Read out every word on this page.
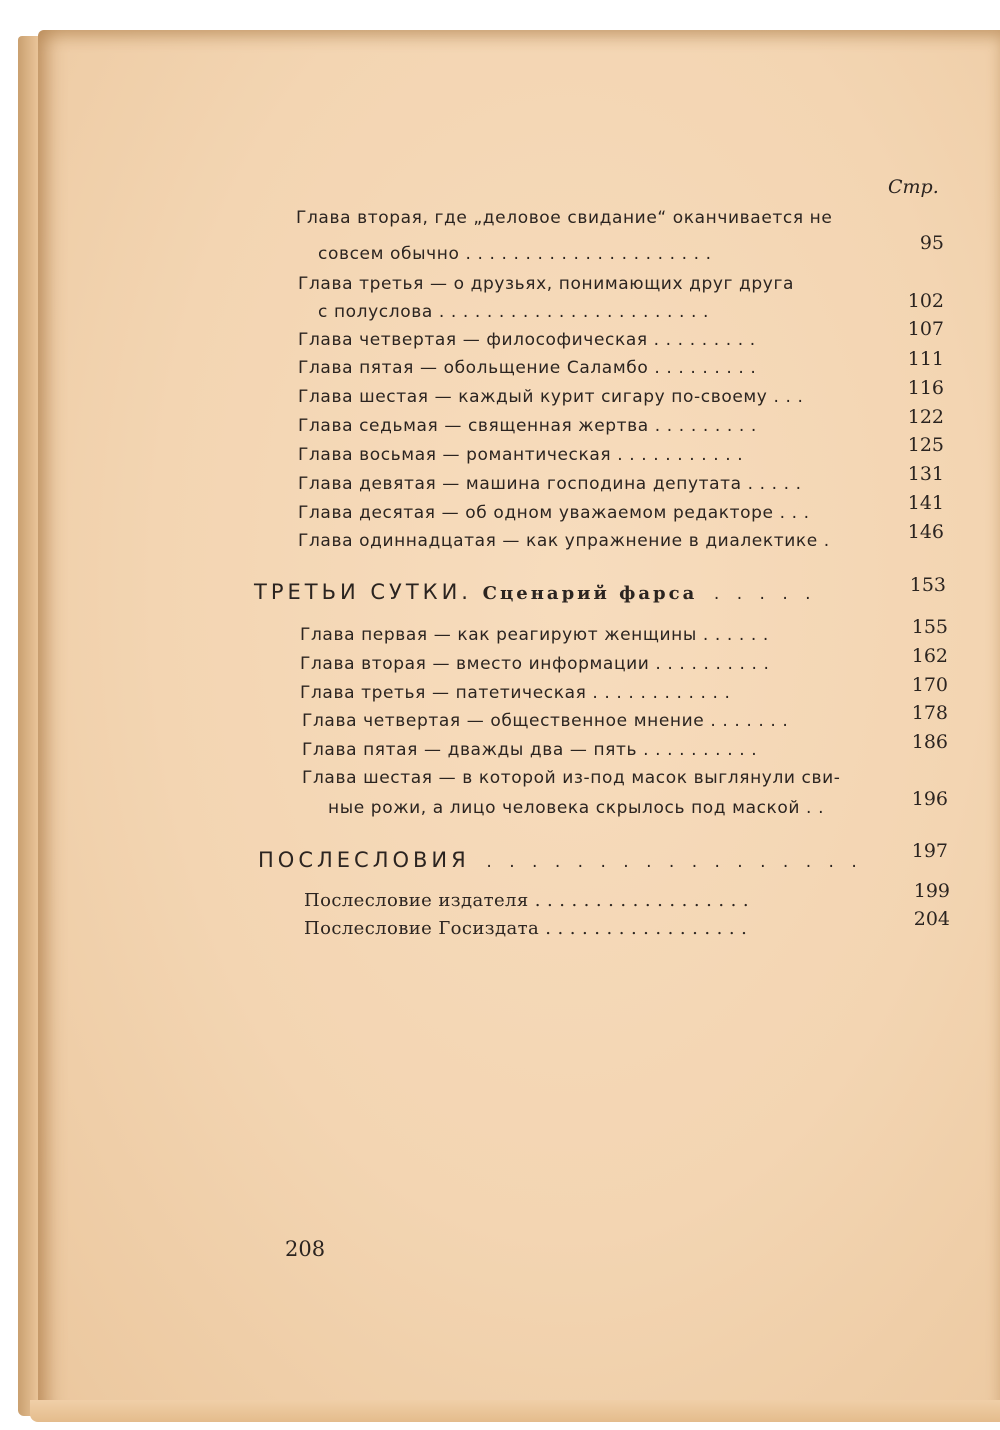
Стр.
Глава вторая, где „деловое свидание“ оканчивается не
совсем обычно . . . . . . . . . . . . . . . . . . . . .	95
Глава третья — о друзьях, понимающих друг друга
с полуслова . . . . . . . . . . . . . . . . . . . . . . .	102
Глава четвертая — философическая . . . . . . . . .	107
Глава пятая — обольщение Саламбо . . . . . . . . .	111
Глава шестая — каждый курит сигару по-своему . . .	116
Глава седьмая — священная жертва . . . . . . . . .	122
Глава восьмая — романтическая . . . . . . . . . . .	125
Глава девятая — машина господина депутата . . . . .	131
Глава десятая — об одном уважаемом редакторе . . .	141
Глава одиннадцатая — как упражнение в диалектике .	146
ТРЕТЬИ СУТКИ. Сценарий фарса . . . . .	153
Глава первая — как реагируют женщины . . . . . .	155
Глава вторая — вместо информации . . . . . . . . . .	162
Глава третья — патетическая . . . . . . . . . . . .	170
Глава четвертая — общественное мнение . . . . . . .	178
Глава пятая — дважды два — пять . . . . . . . . . .	186
Глава шестая — в которой из-под масок выглянули сви-
ные рожи, а лицо человека скрылось под маской . .	196
ПОСЛЕСЛОВИЯ . . . . . . . . . . . . . . . . .	197
Послесловие издателя . . . . . . . . . . . . . . . . . .	199
Послесловие Госиздата . . . . . . . . . . . . . . . . .	204
208
